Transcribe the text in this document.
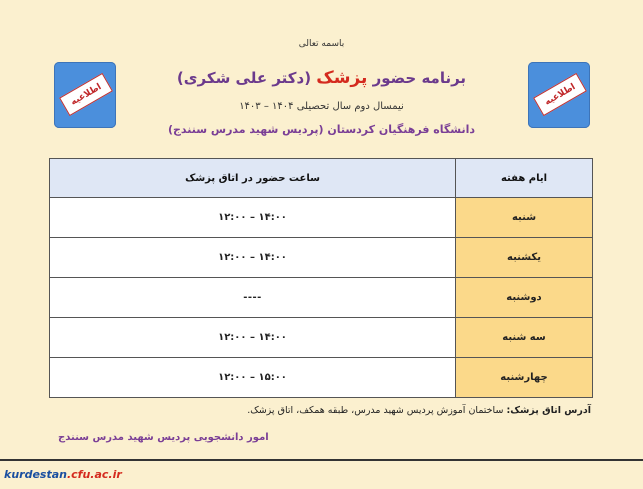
باسمه تعالی
اطلاعیه	اطلاعیه
برنامه حضور پزشک (دکتر علی شکری)
نیمسال دوم سال تحصیلی ۱۴۰۴ – ۱۴۰۳
دانشگاه فرهنگیان کردستان (پردیس شهید مدرس سنندج)
ایام هفته	ساعت حضور در اتاق پزشک
شنبه	۱۴:۰۰ – ۱۲:۰۰
یکشنبه	۱۴:۰۰ – ۱۲:۰۰
دوشنبه	----
سه شنبه	۱۴:۰۰ – ۱۲:۰۰
چهارشنبه	۱۵:۰۰ – ۱۲:۰۰
آدرس اتاق پزشک: ساختمان آموزش پردیس شهید مدرس، طبقه همکف، اتاق پزشک.
امور دانشجویی پردیس شهید مدرس سنندج
kurdestan.cfu.ac.ir
